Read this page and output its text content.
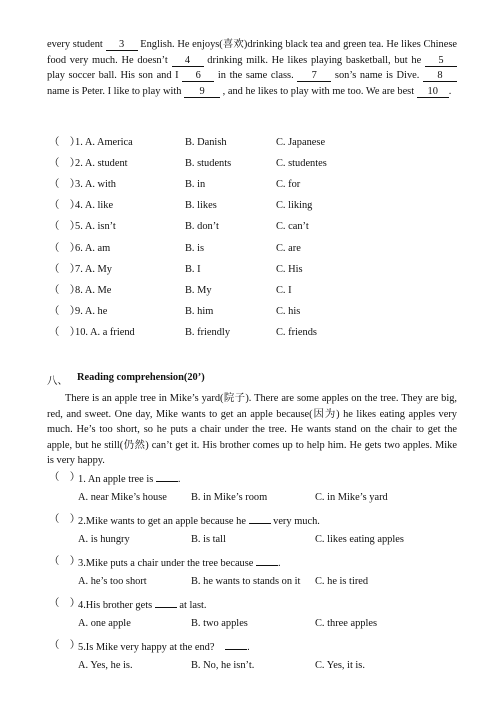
every student 3 English. He enjoys(喜欢)drinking black tea and green tea. He likes Chinese food very much. He doesn’t 4 drinking milk. He likes playing basketball, but he 5 play soccer ball. His son and I 6 in the same class. 7 son’s name is Dive. 8 name is Peter. I like to play with 9 , and he likes to play with me too. We are best 10 .
（　）
1. A. America	B. Danish	C. Japanese
（　）
2. A. student	B. students	C. studentes
（　）
3. A. with	B. in	C. for
（　）
4. A. like	B. likes	C. liking
（　）
5. A. isn’t	B. don’t	C. can’t
（　）
6. A. am	B. is	C. are
（　）
7. A. My	B. I	C. His
（　）
8. A. Me	B. My	C. I
（　）
9. A. he	B. him	C. his
（　）
10. A. a friend	B. friendly	C. friends
八、 Reading comprehension(20’)
There is an apple tree in Mike’s yard(院子). There are some apples on the tree. They are big, red, and sweet. One day, Mike wants to get an apple because(因为) he likes eating apples very much. He’s too short, so he puts a chair under the tree. He wants stand on the chair to get the apple, but he still(仍然) can’t get it. His brother comes up to help him. He gets two apples. Mike is very happy.
（　）
1. An apple tree is .
A. near Mike’s house B. in Mike’s room	C. in Mike’s yard
（　）
2.Mike wants to get an apple because he  very much.
A. is hungry	B. is tall	C. likes eating apples
（　）
3.Mike puts a chair under the tree because .
A. he’s too short	B. he wants to stands on it C. he is tired
（　）
4.His brother gets  at last.
A. one apple	B. two apples	C. three apples
（　）
5.Is Mike very happy at the end?	.
A. Yes, he is.	B. No, he isn’t.	C. Yes, it is.
